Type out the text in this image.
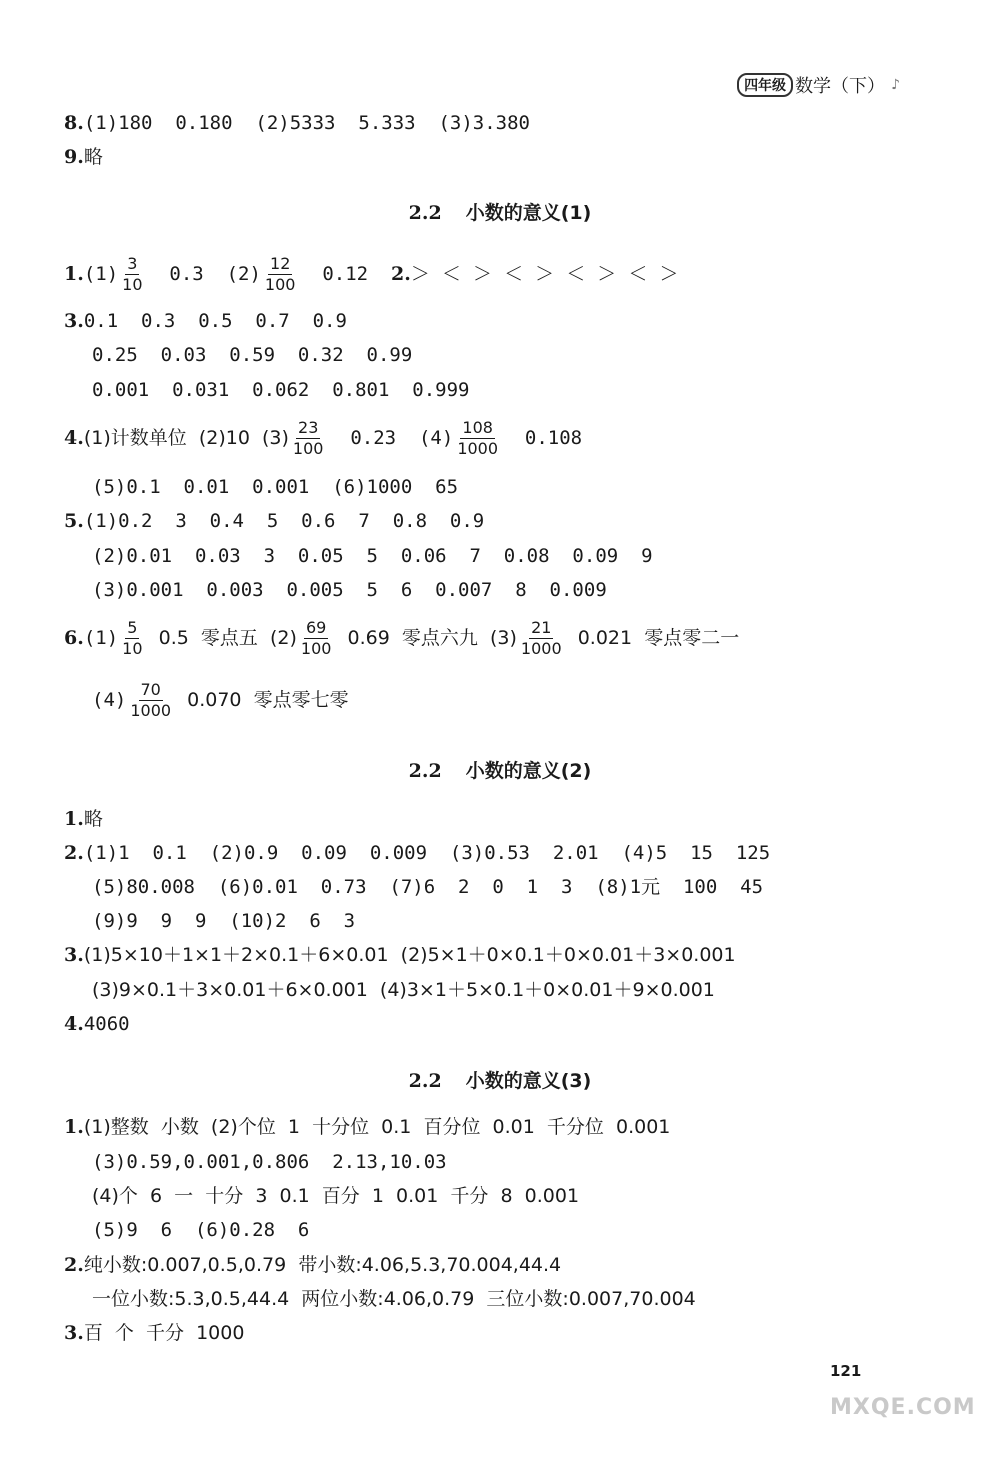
四年级 数学（下） ♪
8.(1)180  0.180  (2)5333  5.333  (3)3.380
9.略
2.2 小数的意义(1)
$1.(1) \frac{3}{10} 0.3$  $(2) \frac{12}{100} 0.12$  2.＞  ＜  ＞  ＜  ＞  ＜  ＞  ＜  ＞
3.0.1  0.3  0.5  0.7  0.9
0.25  0.03  0.59  0.32  0.99
0.001  0.031  0.062  0.801  0.999
4.(1)计数单位  (2)10  $(3) \frac{23}{100} 0.23$  $(4) \frac{108}{1000} 0.108$
(5)0.1  0.01  0.001  (6)1000  65
5.(1)0.2  3  0.4  5  0.6  7  0.8  0.9
(2)0.01  0.03  3  0.05  5  0.06  7  0.08  0.09  9
(3)0.001  0.003  0.005  5  6  0.007  8  0.009
$6.(1) \frac{5}{10} 0.5$  零点五  $(2) \frac{69}{100} 0.69$  零点六九  $(3) \frac{21}{1000} 0.021$  零点零二一
$(4) \frac{70}{1000} 0.070$  零点零七零
2.2 小数的意义(2)
1.略
2.(1)1  0.1  (2)0.9  0.09  0.009  (3)0.53  2.01  (4)5  15  125
(5)80.008  (6)0.01  0.73  (7)6  2  0  1  3  (8)1元  100  45
(9)9  9  9  (10)2  6  3
3.(1)5×10＋1×1＋2×0.1＋6×0.01  (2)5×1＋0×0.1＋0×0.01＋3×0.001
(3)9×0.1＋3×0.01＋6×0.001  (4)3×1＋5×0.1＋0×0.01＋9×0.001
4.4060
2.2 小数的意义(3)
1.(1)整数  小数  (2)个位  1  十分位  0.1  百分位  0.01  千分位  0.001
(3)0.59,0.001,0.806  2.13,10.03
(4)个  6  一  十分  3  0.1  百分  1  0.01  千分  8  0.001
(5)9  6  (6)0.28  6
2.纯小数:0.007,0.5,0.79  带小数:4.06,5.3,70.004,44.4
一位小数:5.3,0.5,44.4  两位小数:4.06,0.79  三位小数:0.007,70.004
3.百  个  千分  1000
121
MXQE.COM
